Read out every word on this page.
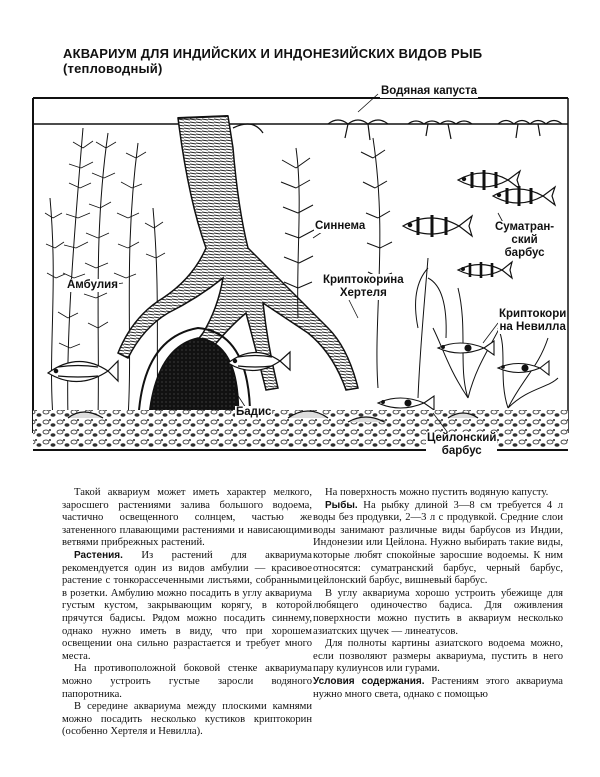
АКВАРИУМ ДЛЯ ИНДИЙСКИХ И ИНДОНЕЗИЙСКИХ ВИДОВ РЫБ
(тепловодный)
Водяная капуста
Синнема
Амбулия
Суматран-
ский
барбус
Криптокорина
Хертеля
Криптокори
на Невилла
Бадис
Цейлонский
барбус

Такой аквариум может иметь характер мелкого, заросшего растениями залива большого водоема, частично освещенного солнцем, частью же затененного плавающими растениями и нависающими ветвями прибрежных растений.

Растения. Из растений для аквариума рекомендуется один из видов амбулии — красивое растение с тонкорассеченными листьями, собранными в розетки. Амбулию можно посадить в углу аквариума густым кустом, закрывающим корягу, в которой прячутся бадисы. Рядом можно посадить синнему, однако нужно иметь в виду, что при хорошем освещении она сильно разрастается и требует много места.

На противоположной боковой стенке аквариума можно устроить густые заросли водяного папоротника.

В середине аквариума между плоскими камнями можно посадить несколько кустиков криптокорин (особенно Хертеля и Невилла).

На поверхность можно пустить водяную капусту.

Рыбы. На рыбку длиной 3—8 см требуется 4 л воды без продувки, 2—3 л с продувкой. Средние слои воды занимают различные виды барбусов из Индии, Индонезии или Цейлона. Нужно выбирать такие виды, которые любят спокойные заросшие водоемы. К ним относятся: суматранский барбус, черный барбус, цейлонский барбус, вишневый барбус.

В углу аквариума хорошо устроить убежище для любящего одиночество бадиса. Для оживления поверхности можно пустить в аквариум несколько азиатских щучек — линеатусов.

Для полноты картины азиатского водоема можно, если позволяют размеры аквариума, пустить в него пару кулиунсов или гурами.

Условия содержания. Растениям этого аквариума нужно много света, однако с помощью
